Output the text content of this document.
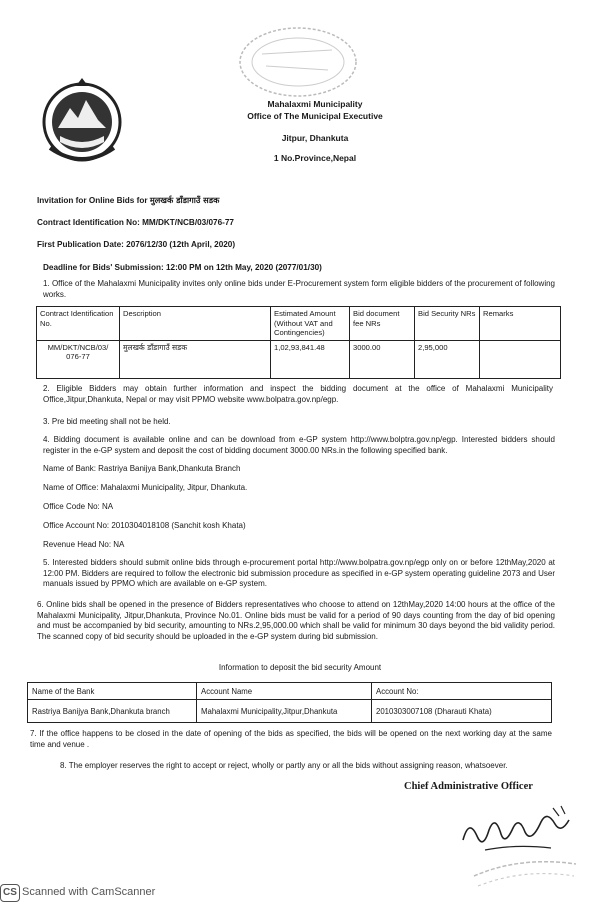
Mahalaxmi Municipality
Office of The Municipal Executive
Jitpur, Dhankuta
1 No.Province,Nepal
Invitation for Online Bids for मुलखर्क डाँडागाउँ सडक
Contract Identification No: MM/DKT/NCB/03/076-77
First Publication Date: 2076/12/30 (12th April, 2020)
Deadline for Bids' Submission: 12:00 PM on 12th May, 2020 (2077/01/30)

1. Office of the Mahalaxmi Municipality invites only online bids under E-Procurement system form eligible bidders of the procurement of following works.

Contract Identification No.	Description	Estimated Amount (Without VAT and Contingencies)	Bid document fee NRs	Bid Security NRs	Remarks
MM/DKT/NCB/03/ 076-77	मुलखर्क डाँडागाउँ सडक	1,02,93,841.48	3000.00	2,95,000	

2. Eligible Bidders may obtain further information and inspect the bidding document at the office of Mahalaxmi Municipality Office,Jitpur,Dhankuta, Nepal or may visit PPMO website www.bolpatra.gov.np/egp.

3. Pre bid meeting shall not be held.

4. Bidding document is available online and can be download from e-GP system http://www.bolptra.gov.np/egp. Interested bidders should register in the e-GP system and deposit the cost of bidding document 3000.00 NRs.in the following specified bank.

Name of Bank: Rastriya Banijya Bank,Dhankuta Branch
Name of Office: Mahalaxmi Municipality, Jitpur, Dhankuta.
Office Code No: NA
Office Account No: 2010304018108 (Sanchit kosh Khata)
Revenue Head No: NA

5. Interested bidders should submit online bids through e-procurement portal http://www.bolpatra.gov.np/egp only on or before 12thMay,2020 at 12:00 PM. Bidders are required to follow the electronic bid submission procedure as specified in e-GP system operating guideline 2073 and User manuals issued by PPMO which are available on e-GP system.

6. Online bids shall be opened in the presence of Bidders representatives who choose to attend on 12thMay,2020 14:00 hours at the office of the Mahalaxmi Municipality, Jitpur,Dhankuta, Province No.01. Online bids must be valid for a period of 90 days counting from the day of bid opening and must be accompanied by bid security, amounting to NRs.2,95,000.00 which shall be valid for minimum 30 days beyond the bid validity period. The scanned copy of bid security should be uploaded in the e-GP system during bid submission.

Information to deposit the bid security Amount
Name of the Bank	Account Name	Account No:
Rastriya Banijya Bank,Dhankuta branch	Mahalaxmi Municipality,Jitpur,Dhankuta	2010303007108 (Dharauti Khata)

7. If the office happens to be closed in the date of opening of the bids as specified, the bids will be opened on the next working day at the same time and venue .

8. The employer reserves the right to accept or reject, wholly or partly any or all the bids without assigning reason, whatsoever.
Chief Administrative Officer
CS Scanned with CamScanner
